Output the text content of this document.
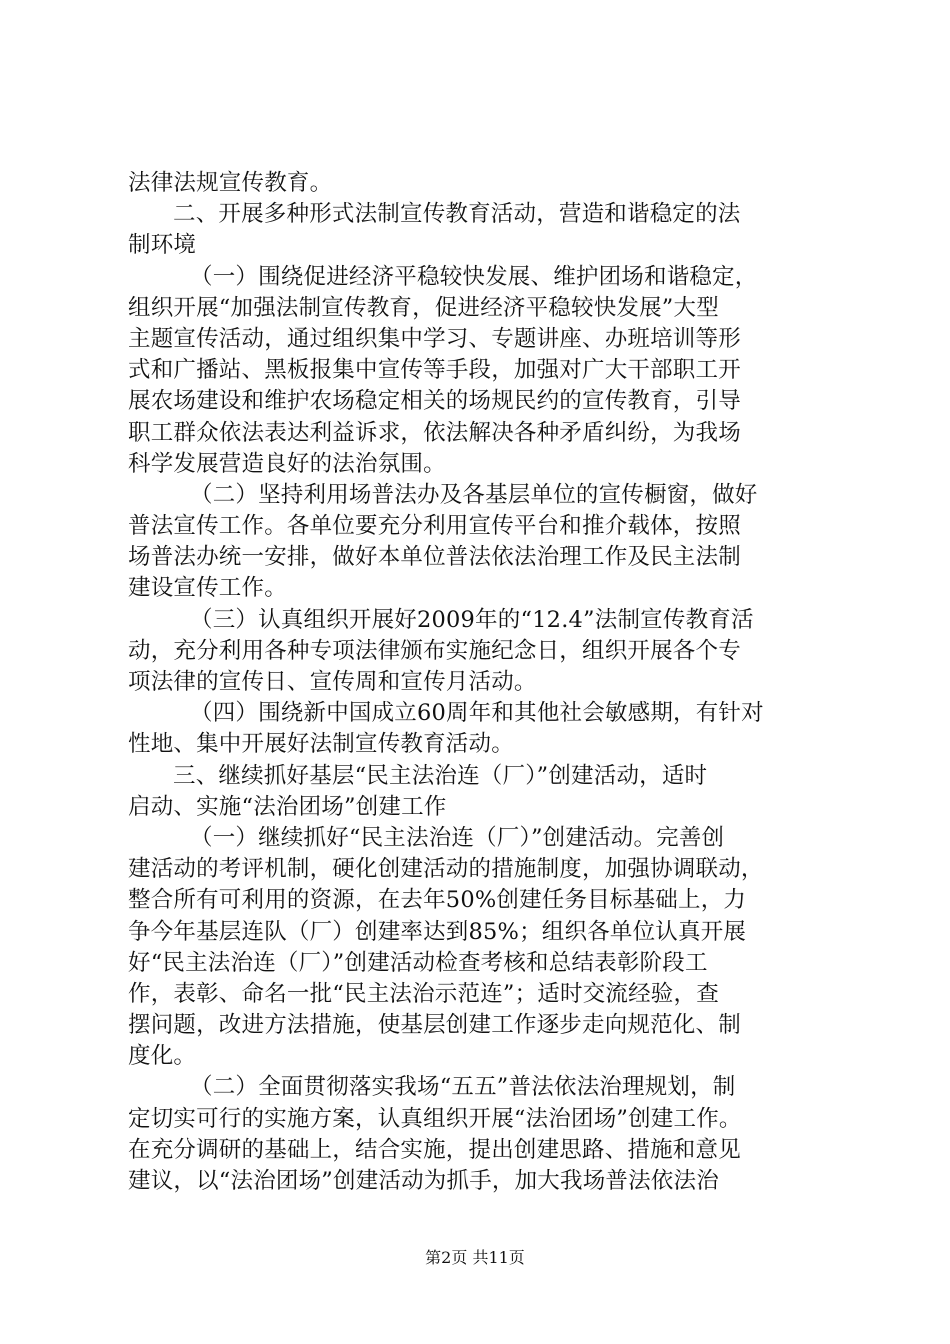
法律法规宣传教育。
二、开展多种形式法制宣传教育活动，营造和谐稳定的法
制环境
（一）围绕促进经济平稳较快发展、维护团场和谐稳定，
组织开展“加强法制宣传教育，促进经济平稳较快发展”大型
主题宣传活动，通过组织集中学习、专题讲座、办班培训等形
式和广播站、黑板报集中宣传等手段，加强对广大干部职工开
展农场建设和维护农场稳定相关的场规民约的宣传教育，引导
职工群众依法表达利益诉求，依法解决各种矛盾纠纷，为我场
科学发展营造良好的法治氛围。
（二）坚持利用场普法办及各基层单位的宣传橱窗，做好
普法宣传工作。各单位要充分利用宣传平台和推介载体，按照
场普法办统一安排，做好本单位普法依法治理工作及民主法制
建设宣传工作。
（三）认真组织开展好2009年的“12.4”法制宣传教育活
动，充分利用各种专项法律颁布实施纪念日，组织开展各个专
项法律的宣传日、宣传周和宣传月活动。
（四）围绕新中国成立60周年和其他社会敏感期，有针对
性地、集中开展好法制宣传教育活动。
三、继续抓好基层“民主法治连（厂）”创建活动，适时
启动、实施“法治团场”创建工作
（一）继续抓好“民主法治连（厂）”创建活动。完善创
建活动的考评机制，硬化创建活动的措施制度，加强协调联动，
整合所有可利用的资源，在去年50%创建任务目标基础上，力
争今年基层连队（厂）创建率达到85%；组织各单位认真开展
好“民主法治连（厂）”创建活动检查考核和总结表彰阶段工
作，表彰、命名一批“民主法治示范连”；适时交流经验，查
摆问题，改进方法措施，使基层创建工作逐步走向规范化、制
度化。
（二）全面贯彻落实我场“五五”普法依法治理规划，制
定切实可行的实施方案，认真组织开展“法治团场”创建工作。
在充分调研的基础上，结合实施，提出创建思路、措施和意见
建议，以“法治团场”创建活动为抓手，加大我场普法依法治
第2页 共11页
